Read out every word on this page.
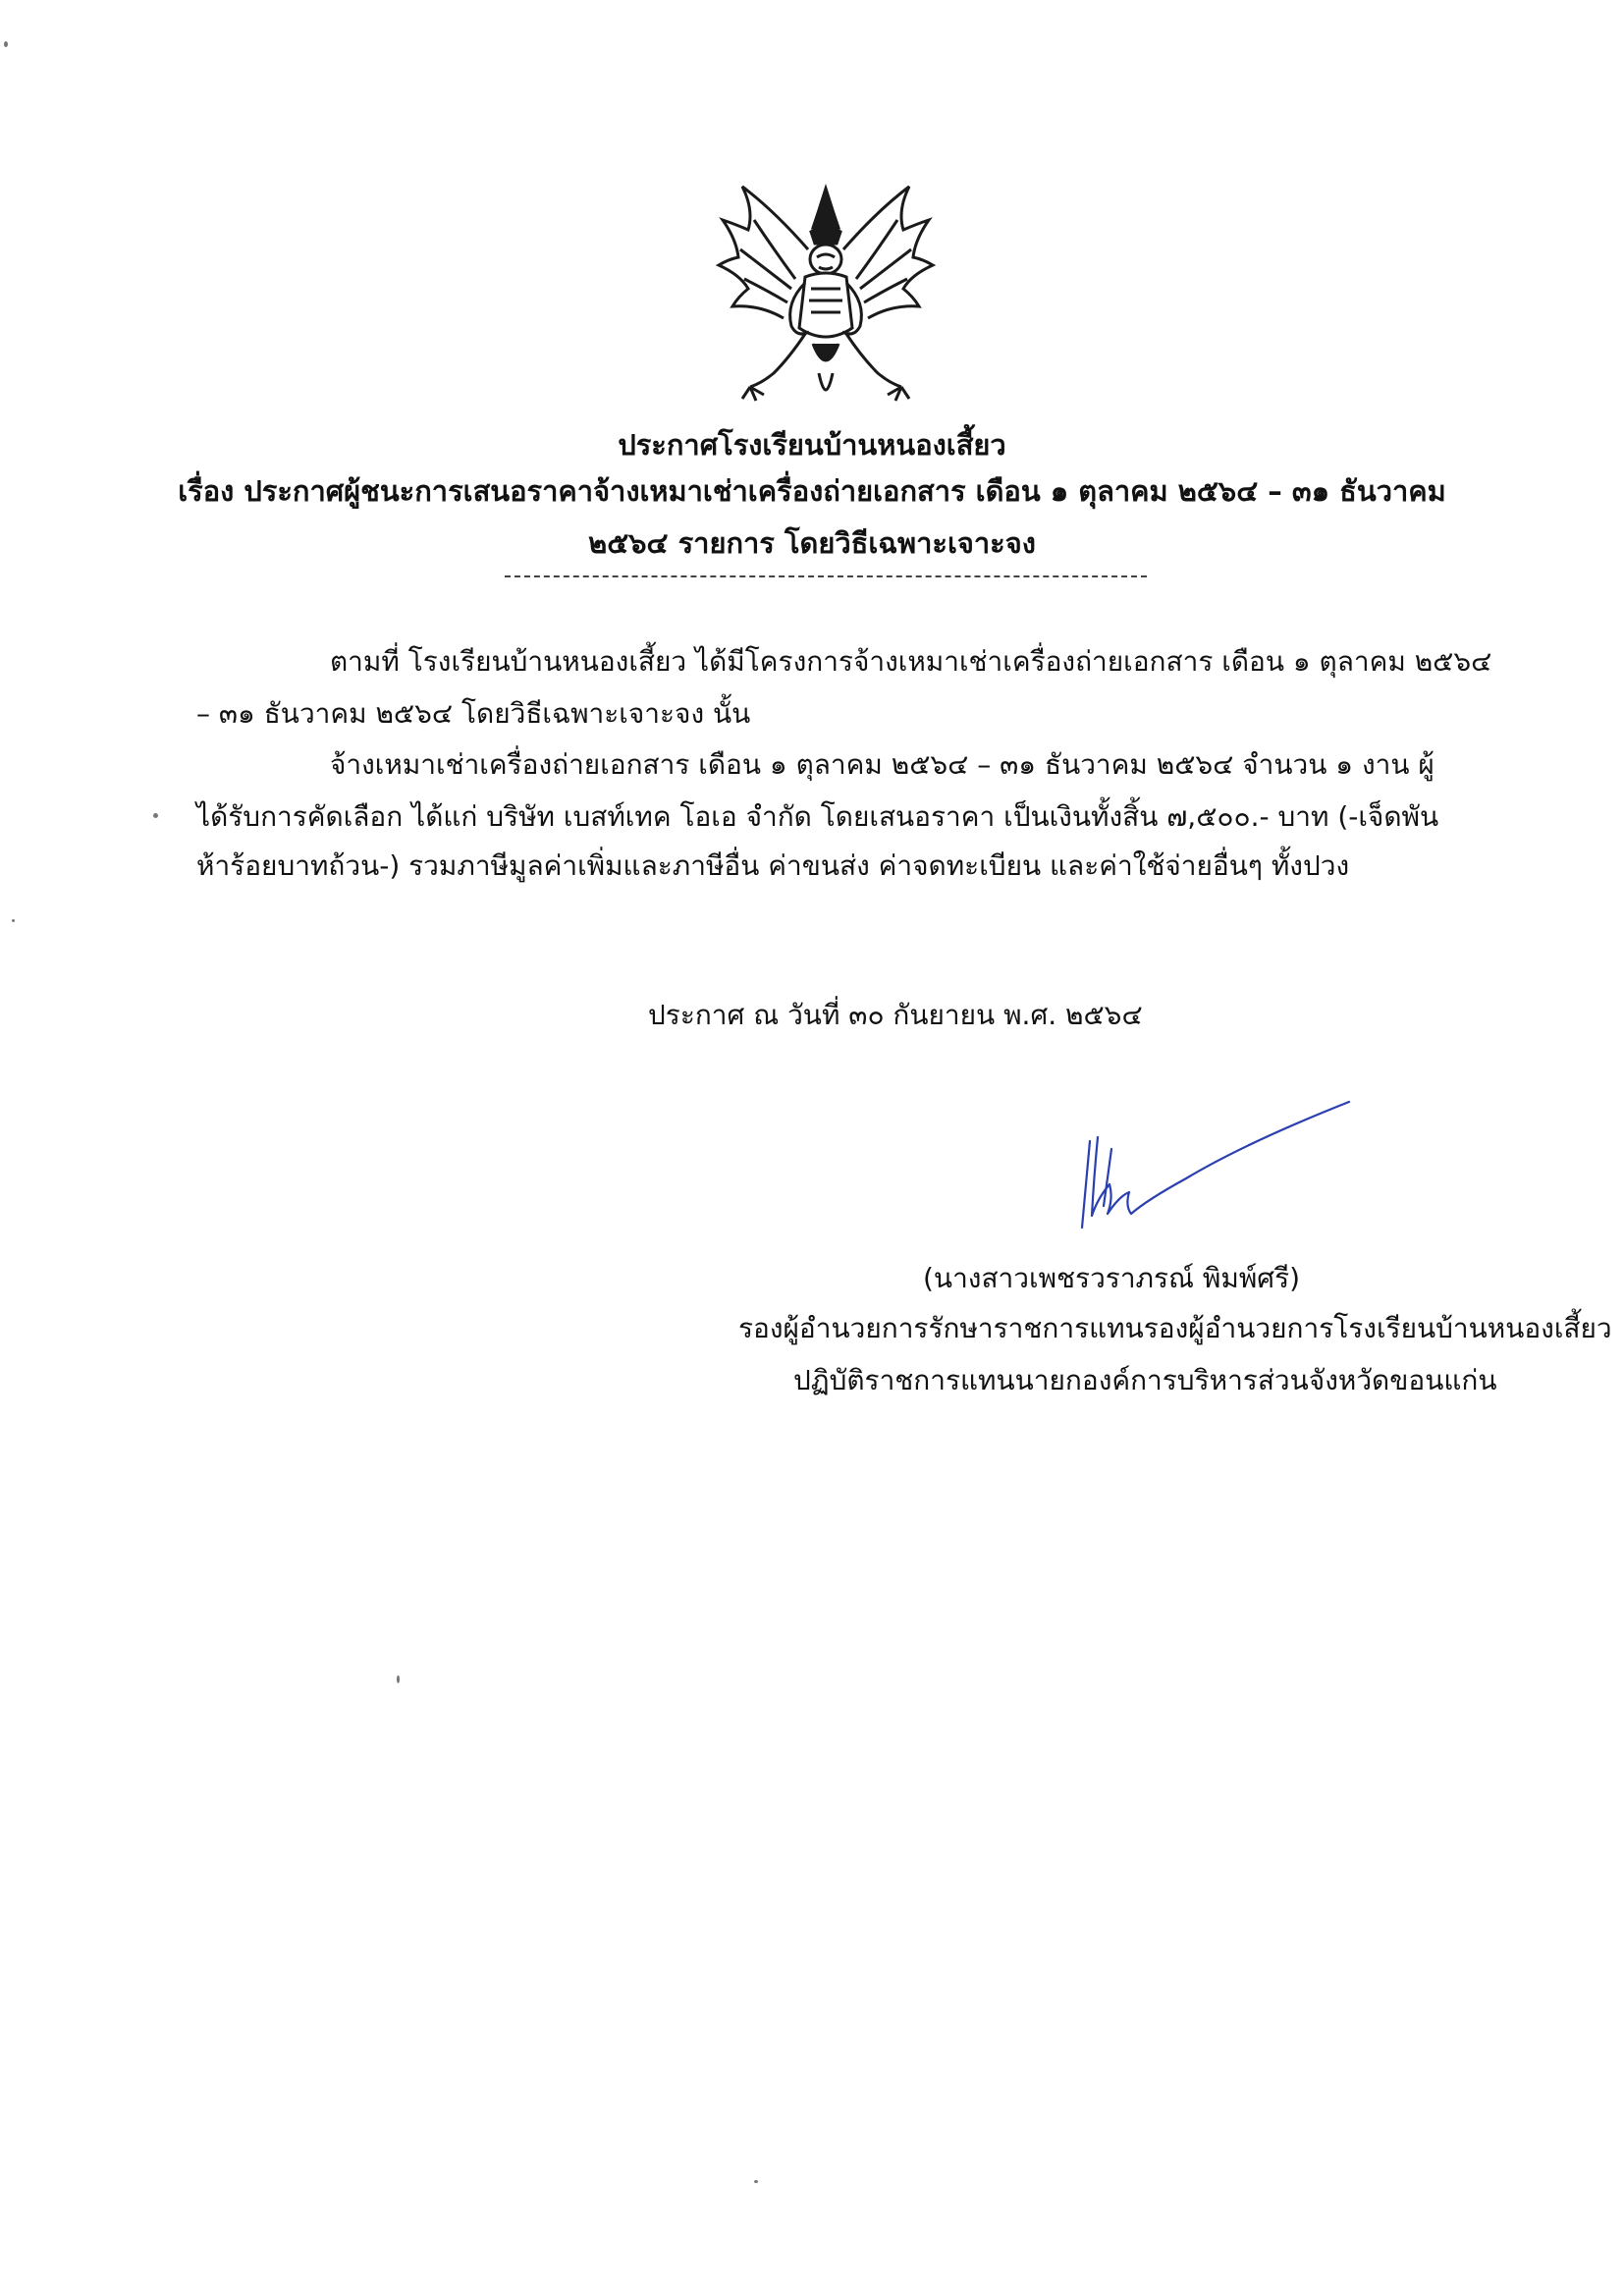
ประกาศโรงเรียนบ้านหนองเสี้ยว
เรื่อง ประกาศผู้ชนะการเสนอราคาจ้างเหมาเช่าเครื่องถ่ายเอกสาร เดือน ๑ ตุลาคม ๒๕๖๔ – ๓๑ ธันวาคม
๒๕๖๔ รายการ โดยวิธีเฉพาะเจาะจง
ตามที่ โรงเรียนบ้านหนองเสี้ยว ได้มีโครงการจ้างเหมาเช่าเครื่องถ่ายเอกสาร เดือน ๑ ตุลาคม ๒๕๖๔
– ๓๑ ธันวาคม ๒๕๖๔ โดยวิธีเฉพาะเจาะจง นั้น
จ้างเหมาเช่าเครื่องถ่ายเอกสาร เดือน ๑ ตุลาคม ๒๕๖๔ – ๓๑ ธันวาคม ๒๕๖๔ จำนวน ๑ งาน ผู้
ได้รับการคัดเลือก ได้แก่ บริษัท เบสท์เทค โอเอ จำกัด โดยเสนอราคา เป็นเงินทั้งสิ้น ๗,๕๐๐.- บาท (-เจ็ดพัน
ห้าร้อยบาทถ้วน-) รวมภาษีมูลค่าเพิ่มและภาษีอื่น ค่าขนส่ง ค่าจดทะเบียน และค่าใช้จ่ายอื่นๆ ทั้งปวง
ประกาศ ณ วันที่ ๓๐ กันยายน พ.ศ. ๒๕๖๔
(นางสาวเพชรวราภรณ์ พิมพ์ศรี)
รองผู้อำนวยการรักษาราชการแทนรองผู้อำนวยการโรงเรียนบ้านหนองเสี้ยว
ปฏิบัติราชการแทนนายกองค์การบริหารส่วนจังหวัดขอนแก่น
